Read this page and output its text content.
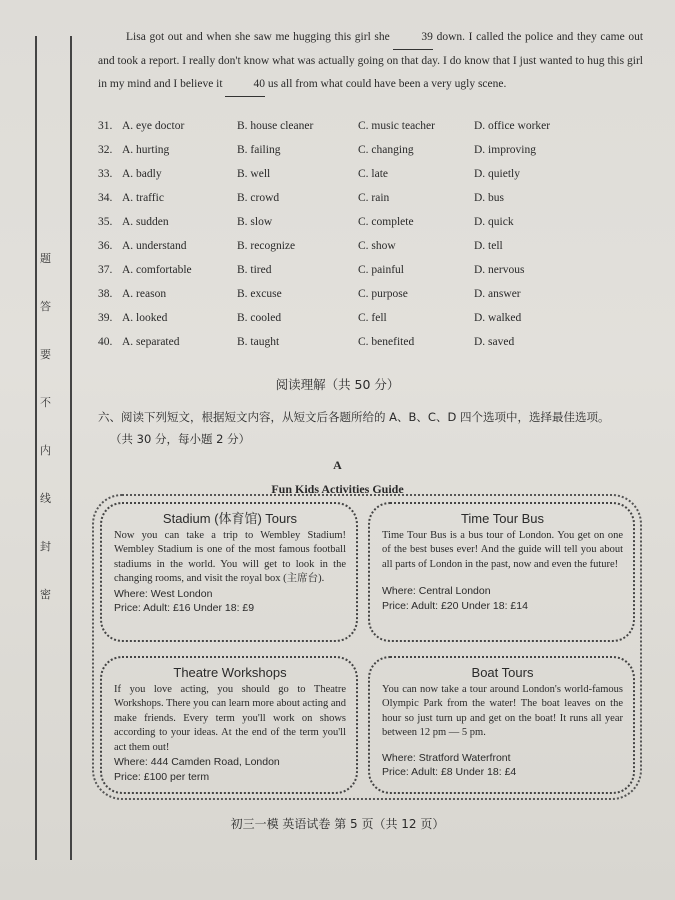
题
答
要
不
内
线
封
密

Lisa got out and when she saw me hugging this girl she	39 down. I called the police and they came out and took a report. I really don't know what was actually going on that day. I do know that I just wanted to hug this girl in my mind and I believe it	40 us all from what could have been a very ugly scene.

31. A. eye doctor	B. house cleaner	C. music teacher	D. office worker
32. A. hurting	B. failing	C. changing	D. improving
33. A. badly	B. well	C. late	D. quietly
34. A. traffic	B. crowd	C. rain	D. bus
35. A. sudden	B. slow	C. complete	D. quick
36. A. understand	B. recognize	C. show	D. tell
37. A. comfortable	B. tired	C. painful	D. nervous
38. A. reason	B. excuse	C. purpose	D. answer
39. A. looked	B. cooled	C. fell	D. walked
40. A. separated	B. taught	C. benefited	D. saved
阅读理解（共 50 分）
六、阅读下列短文，根据短文内容，从短文后各题所给的 A、B、C、D 四个选项中，选择最佳选项。
（共 30 分，每小题 2 分）
A
Fun Kids Activities Guide
Stadium (体育馆) Tours
Now you can take a trip to Wembley Stadium! Wembley Stadium is one of the most famous football stadiums in the world. You will get to look in the changing rooms, and visit the royal box (主席台).
Where: West London
Price: Adult: £16 Under 18: £9
Time Tour Bus
Time Tour Bus is a bus tour of London. You get on one of the best buses ever! And the guide will tell you about all parts of London in the past, now and even the future!
Where: Central London
Price: Adult: £20 Under 18: £14
Theatre Workshops
If you love acting, you should go to Theatre Workshops. There you can learn more about acting and make friends. Every term you'll work on shows according to your ideas. At the end of the term you'll act them out!
Where: 444 Camden Road, London
Price: £100 per term
Boat Tours
You can now take a tour around London's world-famous Olympic Park from the water! The boat leaves on the hour so just turn up and get on the boat! It runs all year between 12 pm — 5 pm.
Where: Stratford Waterfront
Price: Adult: £8 Under 18: £4
初三一模 英语试卷 第 5 页（共 12 页）
